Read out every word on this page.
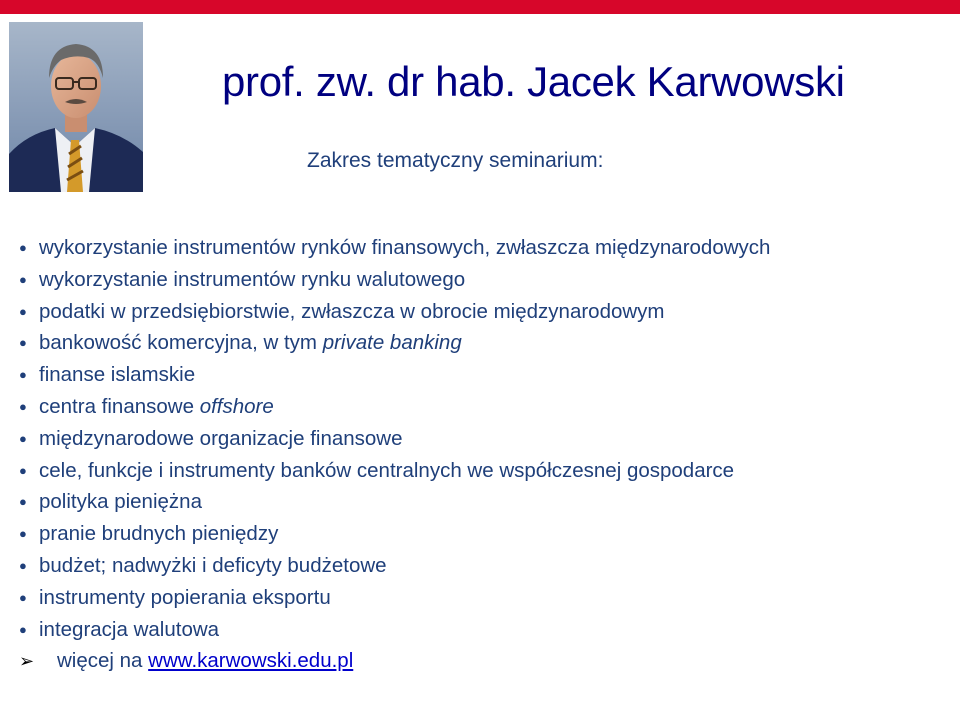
prof. zw. dr hab. Jacek Karwowski
Zakres tematyczny seminarium:
● wykorzystanie instrumentów rynków finansowych, zwłaszcza międzynarodowych
● wykorzystanie instrumentów rynku walutowego
● podatki w przedsiębiorstwie, zwłaszcza w obrocie międzynarodowym
● bankowość komercyjna, w tym private banking
● finanse islamskie
● centra finansowe offshore
● międzynarodowe organizacje finansowe
● cele, funkcje i instrumenty banków centralnych we współczesnej gospodarce
● polityka pieniężna
● pranie brudnych pieniędzy
● budżet; nadwyżki i deficyty budżetowe
● instrumenty popierania eksportu
● integracja walutowa
➢ więcej na www.karwowski.edu.pl
